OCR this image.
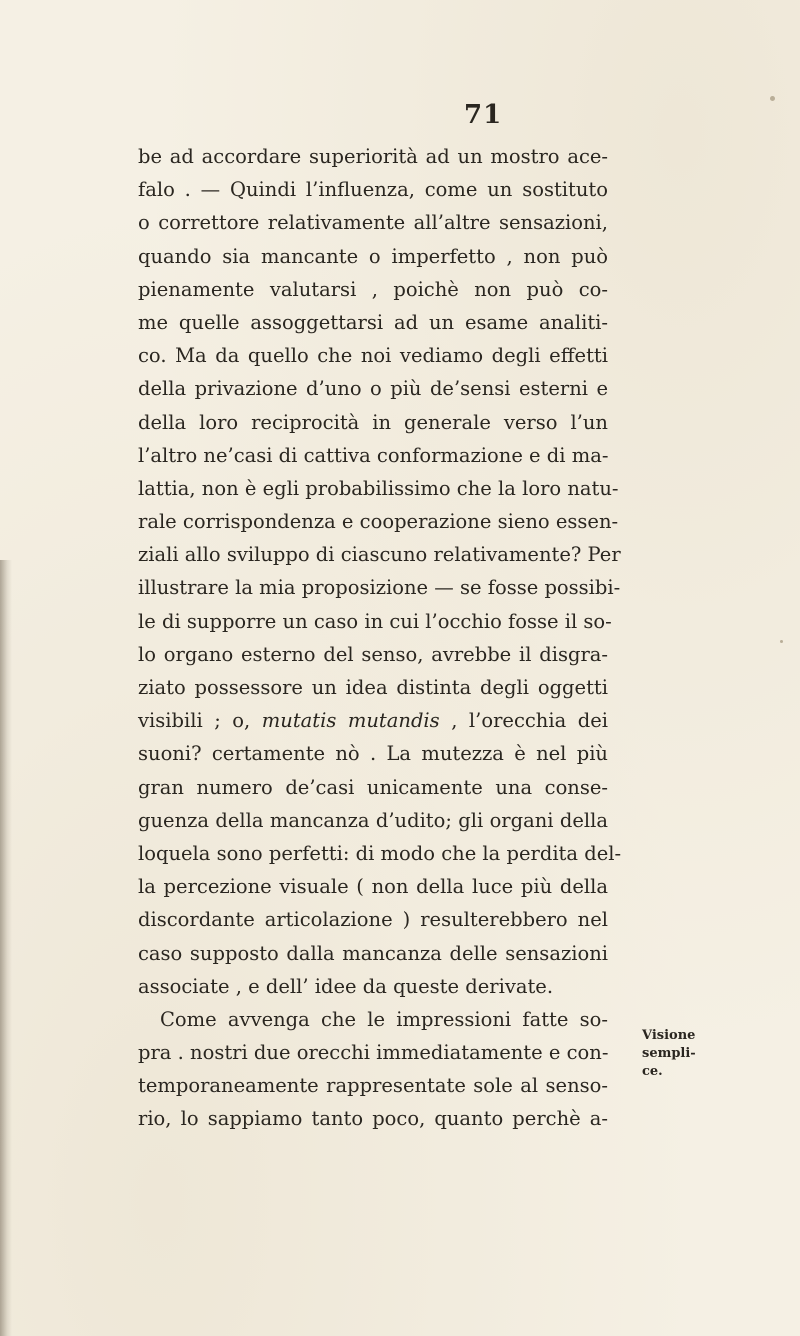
71
be ad accordare superiorità ad un mostro ace-
falo . — Quindi l’influenza, come un sostituto
o correttore relativamente all’altre sensazioni,
quando sia mancante o imperfetto , non può
pienamente valutarsi , poichè non può co-
me quelle assoggettarsi ad un esame analiti-
co. Ma da quello che noi vediamo degli effetti
della privazione d’uno o più de’sensi esterni e
della loro reciprocità in generale verso l’un
l’altro ne’casi di cattiva conformazione e di ma-
lattia, non è egli probabilissimo che la loro natu-
rale corrispondenza e cooperazione sieno essen-
ziali allo sviluppo di ciascuno relativamente? Per
illustrare la mia proposizione — se fosse possibi-
le di supporre un caso in cui l’occhio fosse il so-
lo organo esterno del senso, avrebbe il disgra-
ziato possessore un idea distinta degli oggetti
visibili ; o, mutatis mutandis , l’orecchia dei
suoni? certamente nò . La mutezza è nel più
gran numero de’casi unicamente una conse-
guenza della mancanza d’udito; gli organi della
loquela sono perfetti: di modo che la perdita del-
la percezione visuale ( non della luce più della
discordante articolazione ) resulterebbero nel
caso supposto dalla mancanza delle sensazioni
associate , e dell’ idee da queste derivate.
Come avvenga che le impressioni fatte so-
pra . nostri due orecchi immediatamente e con-
temporaneamente rappresentate sole al senso-
rio, lo sappiamo tanto poco, quanto perchè a-
Visione
sempli-
ce.
